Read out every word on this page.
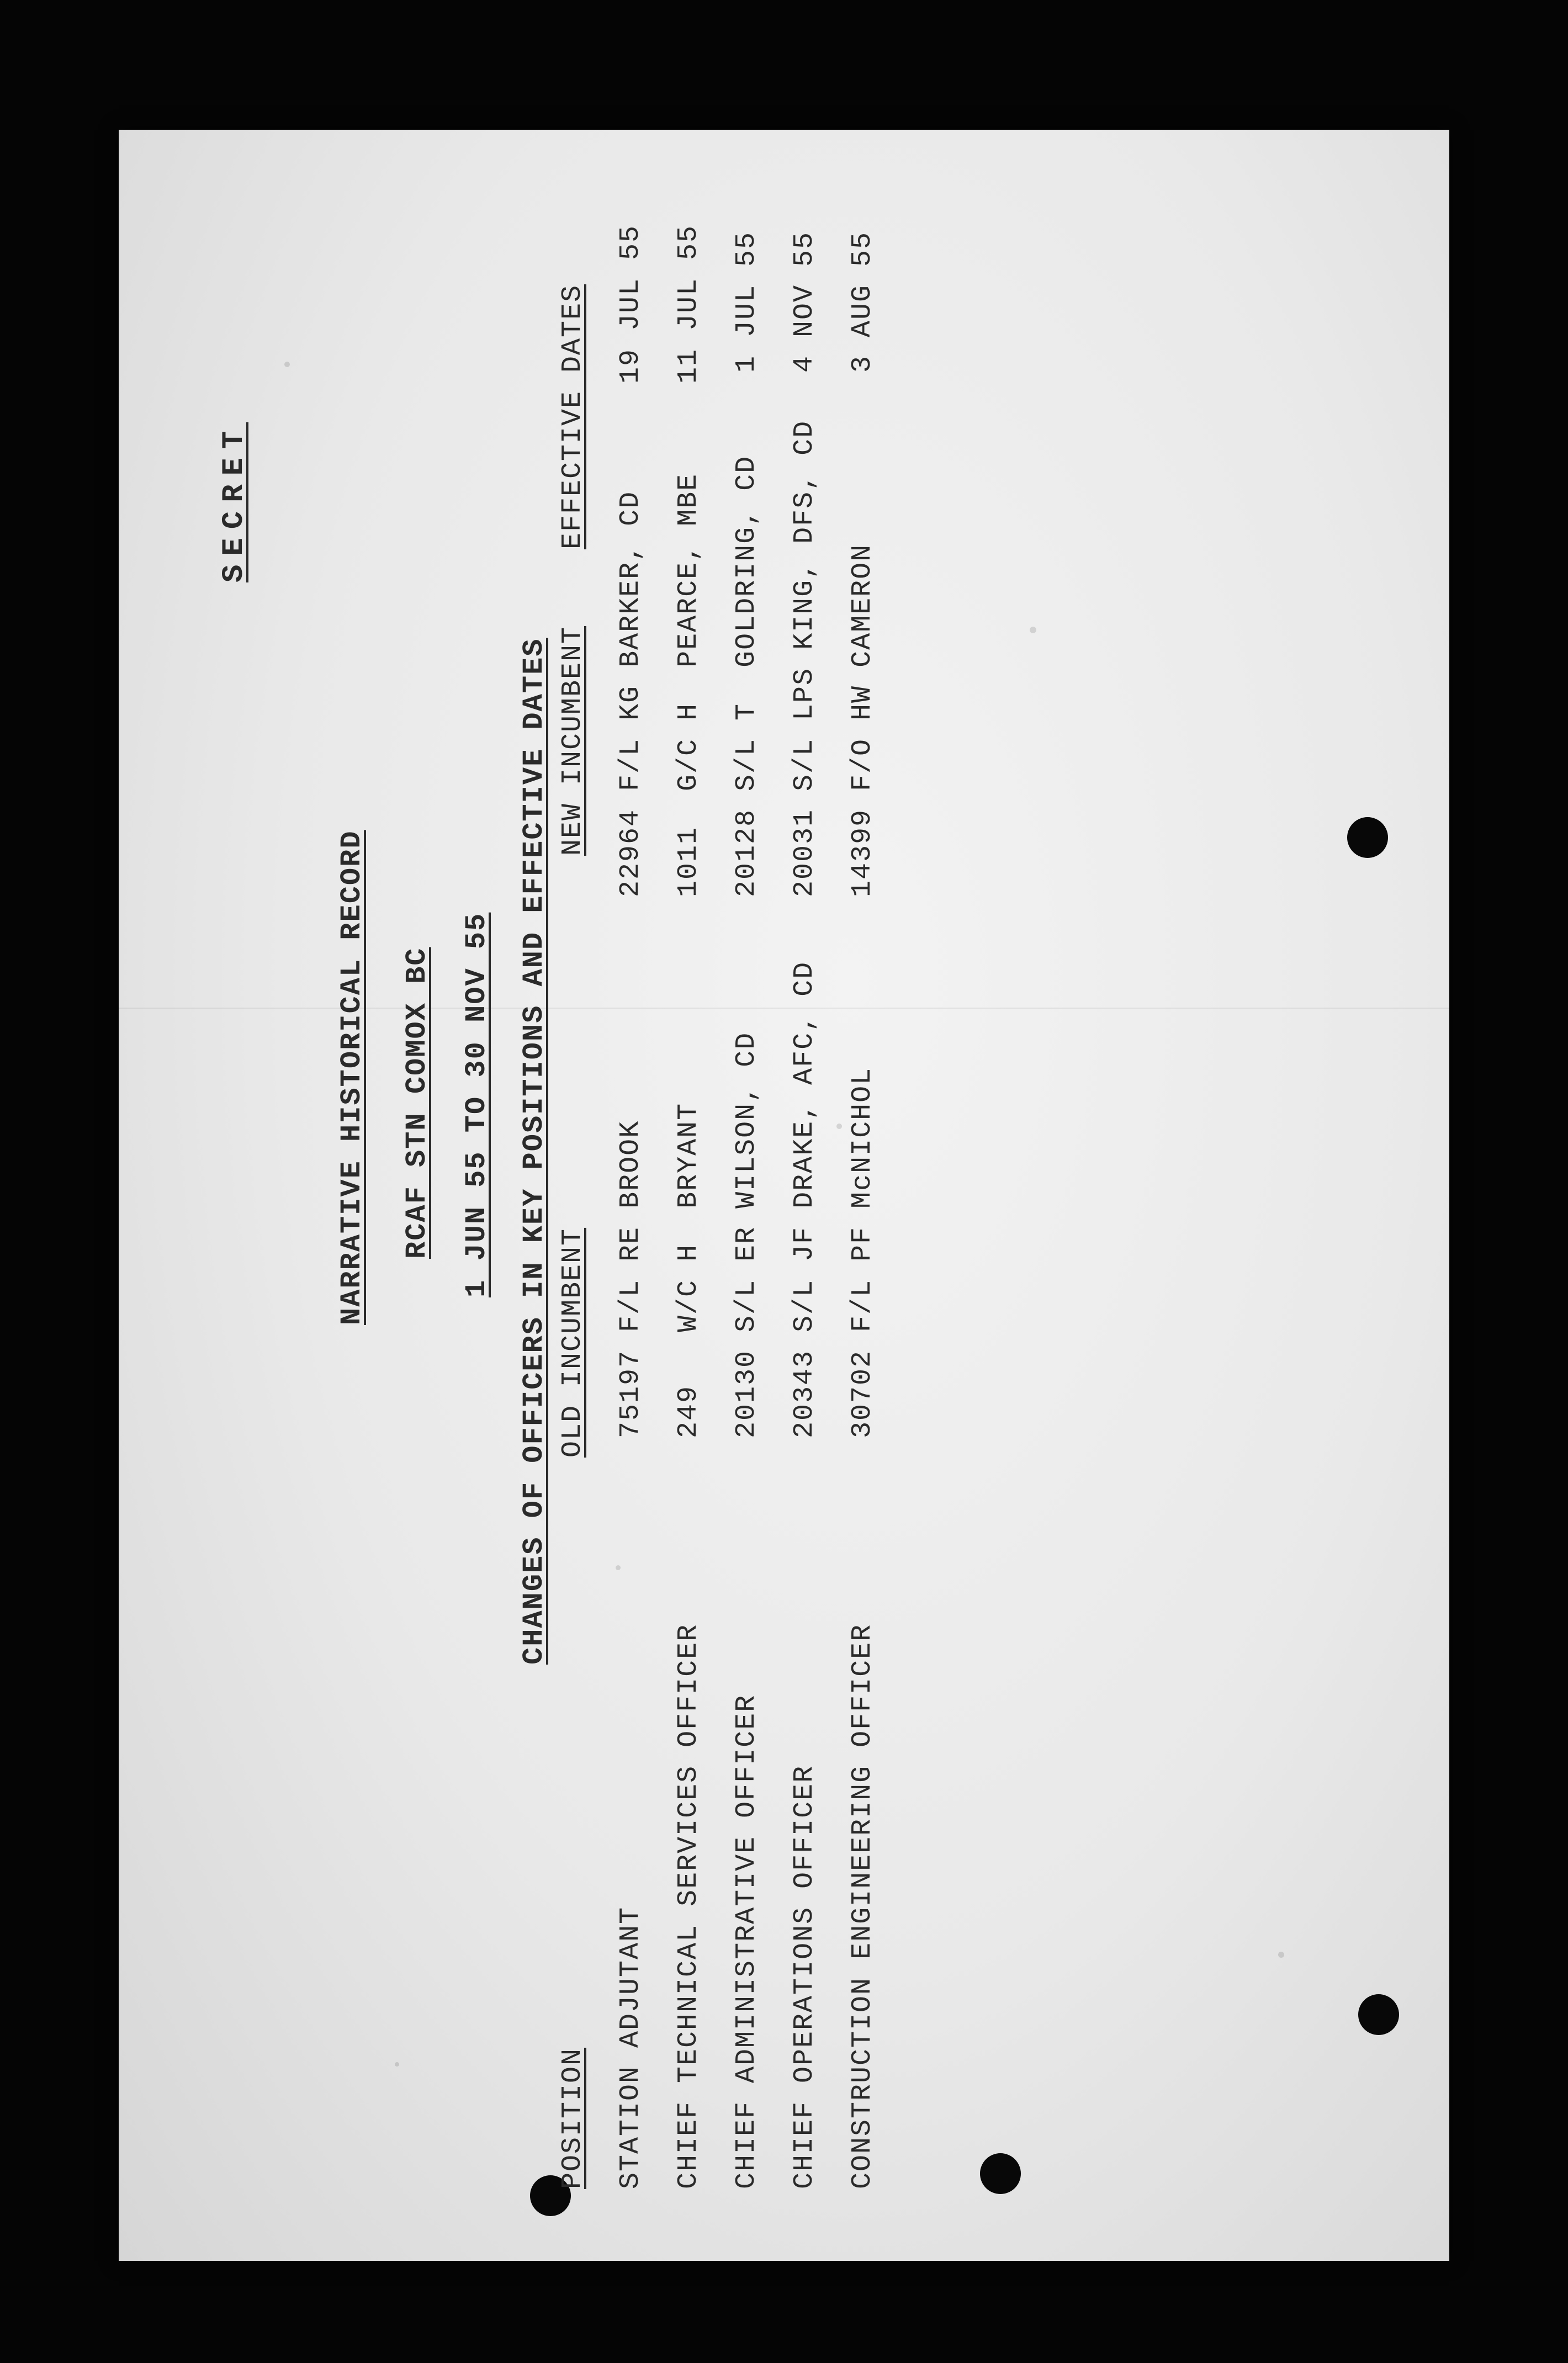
SECRET
NARRATIVE HISTORICAL RECORD RCAF STN COMOX BC 1 JUN 55 TO 30 NOV 55 CHANGES OF OFFICERS IN KEY POSITIONS AND EFFECTIVE DATES
POSITION
OLD INCUMBENT
NEW INCUMBENT
EFFECTIVE DATES
STATION ADJUTANT
75197 F/L RE BROOK
22964 F/L KG BARKER, CD
19 JUL 55
CHIEF TECHNICAL SERVICES OFFICER
249   W/C H  BRYANT
1011  G/C H  PEARCE, MBE
11 JUL 55
CHIEF ADMINISTRATIVE OFFICER
20130 S/L ER WILSON, CD
20128 S/L T  GOLDRING, CD
1 JUL 55
CHIEF OPERATIONS OFFICER
20343 S/L JF DRAKE, AFC, CD
20031 S/L LPS KING, DFS, CD
4 NOV 55
CONSTRUCTION ENGINEERING OFFICER
30702 F/L PF McNICHOL
14399 F/O HW CAMERON
3 AUG 55
